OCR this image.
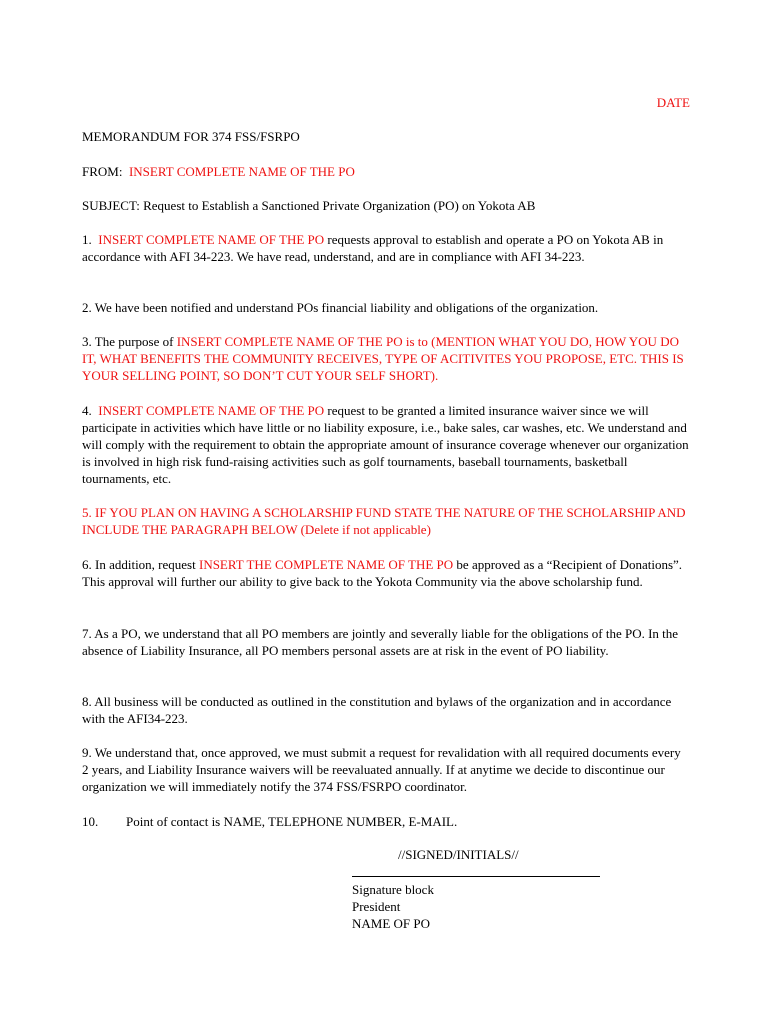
DATE

MEMORANDUM FOR 374 FSS/FSRPO

FROM: INSERT COMPLETE NAME OF THE PO

SUBJECT: Request to Establish a Sanctioned Private Organization (PO) on Yokota AB

1. INSERT COMPLETE NAME OF THE PO requests approval to establish and operate a PO on Yokota AB in accordance with AFI 34-223. We have read, understand, and are in compliance with AFI 34-223.

2. We have been notified and understand POs financial liability and obligations of the organization.

3. The purpose of INSERT COMPLETE NAME OF THE PO is to (MENTION WHAT YOU DO, HOW YOU DO IT, WHAT BENEFITS THE COMMUNITY RECEIVES, TYPE OF ACITIVITES YOU PROPOSE, ETC. THIS IS YOUR SELLING POINT, SO DON’T CUT YOUR SELF SHORT).

4. INSERT COMPLETE NAME OF THE PO request to be granted a limited insurance waiver since we will participate in activities which have little or no liability exposure, i.e., bake sales, car washes, etc. We understand and will comply with the requirement to obtain the appropriate amount of insurance coverage whenever our organization is involved in high risk fund-raising activities such as golf tournaments, baseball tournaments, basketball tournaments, etc.

5. IF YOU PLAN ON HAVING A SCHOLARSHIP FUND STATE THE NATURE OF THE SCHOLARSHIP AND INCLUDE THE PARAGRAPH BELOW (Delete if not applicable)

6. In addition, request INSERT THE COMPLETE NAME OF THE PO be approved as a “Recipient of Donations”. This approval will further our ability to give back to the Yokota Community via the above scholarship fund.

7. As a PO, we understand that all PO members are jointly and severally liable for the obligations of the PO. In the absence of Liability Insurance, all PO members personal assets are at risk in the event of PO liability.

8. All business will be conducted as outlined in the constitution and bylaws of the organization and in accordance with the AFI34-223.

9. We understand that, once approved, we must submit a request for revalidation with all required documents every 2 years, and Liability Insurance waivers will be reevaluated annually. If at anytime we decide to discontinue our organization we will immediately notify the 374 FSS/FSRPO coordinator.

10. Point of contact is NAME, TELEPHONE NUMBER, E-MAIL.
//SIGNED/INITIALS//
Signature block
President
NAME OF PO
